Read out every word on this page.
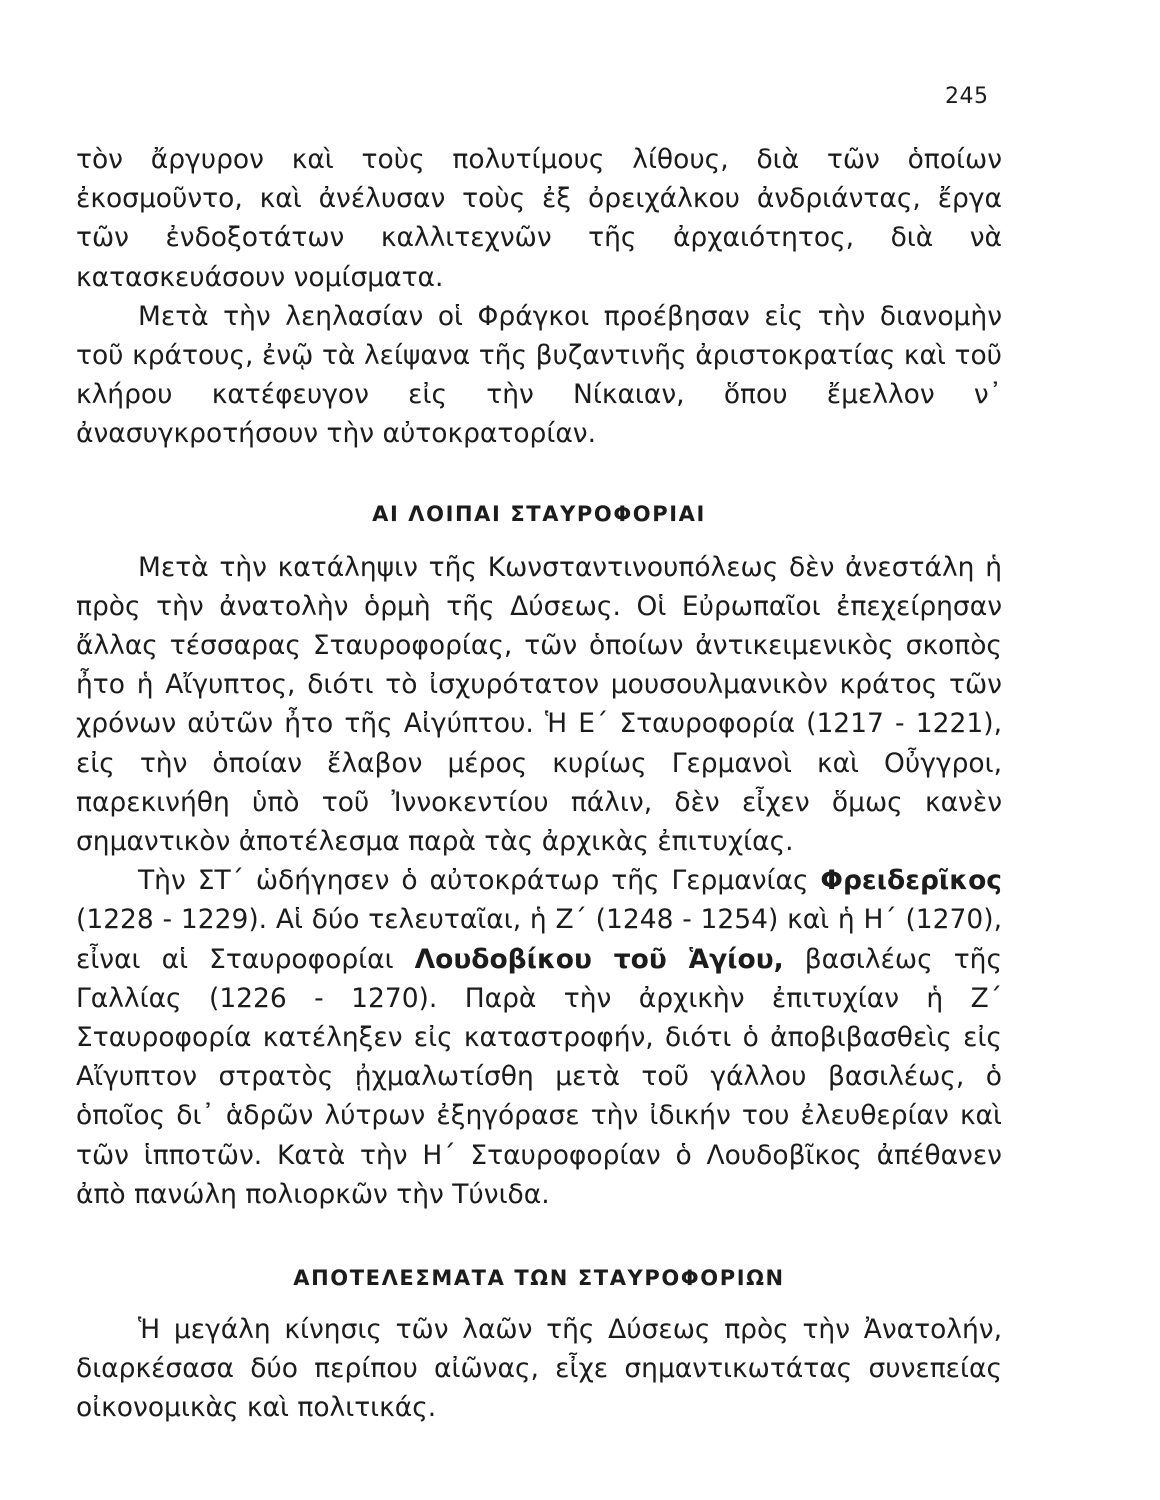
245

τὸν ἄργυρον καὶ τοὺς πολυτίμους λίθους, διὰ τῶν ὁποίων ἐκοσμοῦντο, καὶ ἀνέλυσαν τοὺς ἐξ ὀρειχάλκου ἀνδριάντας, ἔργα τῶν ἐνδοξοτάτων καλλιτεχνῶν τῆς ἀρχαιότητος, διὰ νὰ κατασκευάσουν νομίσματα.

Μετὰ τὴν λεηλασίαν οἱ Φράγκοι προέβησαν εἰς τὴν διανομὴν τοῦ κράτους, ἐνῷ τὰ λείψανα τῆς βυζαντινῆς ἀριστοκρατίας καὶ τοῦ κλήρου κατέφευγον εἰς τὴν Νίκαιαν, ὅπου ἔμελλον ν᾽ ἀνασυγκροτήσουν τὴν αὐτοκρατορίαν.

ΑΙ ΛΟΙΠΑΙ ΣΤΑΥΡΟΦΟΡΙΑΙ

Μετὰ τὴν κατάληψιν τῆς Κωνσταντινουπόλεως δὲν ἀνεστάλη ἡ πρὸς τὴν ἀνατολὴν ὁρμὴ τῆς Δύσεως. Οἱ Εὐρωπαῖοι ἐπεχείρησαν ἄλλας τέσσαρας Σταυροφορίας, τῶν ὁποίων ἀντικειμενικὸς σκοπὸς ἦτο ἡ Αἴγυπτος, διότι τὸ ἰσχυρότατον μουσουλμανικὸν κράτος τῶν χρόνων αὐτῶν ἦτο τῆς Αἰγύπτου. Ἡ Ε΄ Σταυροφορία (1217 - 1221), εἰς τὴν ὁποίαν ἔλαβον μέρος κυρίως Γερμανοὶ καὶ Οὖγγροι, παρεκινήθη ὑπὸ τοῦ Ἰννοκεντίου πάλιν, δὲν εἶχεν ὅμως κανὲν σημαντικὸν ἀποτέλεσμα παρὰ τὰς ἀρχικὰς ἐπιτυχίας.

Τὴν ΣΤ΄ ὡδήγησεν ὁ αὐτοκράτωρ τῆς Γερμανίας Φρειδερῖκος (1228 - 1229). Αἱ δύο τελευταῖαι, ἡ Ζ΄ (1248 - 1254) καὶ ἡ Η΄ (1270), εἶναι αἱ Σταυροφορίαι Λουδοβίκου τοῦ Ἁγίου, βασιλέως τῆς Γαλλίας (1226 - 1270). Παρὰ τὴν ἀρχικὴν ἐπιτυχίαν ἡ Ζ΄ Σταυροφορία κατέληξεν εἰς καταστροφήν, διότι ὁ ἀποβιβασθεὶς εἰς Αἴγυπτον στρατὸς ᾐχμαλωτίσθη μετὰ τοῦ γάλλου βασιλέως, ὁ ὁποῖος δι᾽ ἁδρῶν λύτρων ἐξηγόρασε τὴν ἰδικήν του ἐλευθερίαν καὶ τῶν ἱπποτῶν. Κατὰ τὴν Η΄ Σταυροφορίαν ὁ Λουδοβῖκος ἀπέθανεν ἀπὸ πανώλη πολιορκῶν τὴν Τύνιδα.

ΑΠΟΤΕΛΕΣΜΑΤΑ ΤΩΝ ΣΤΑΥΡΟΦΟΡΙΩΝ

Ἡ μεγάλη κίνησις τῶν λαῶν τῆς Δύσεως πρὸς τὴν Ἀνατολήν, διαρκέσασα δύο περίπου αἰῶνας, εἶχε σημαντικωτάτας συνεπείας οἰκονομικὰς καὶ πολιτικάς.
